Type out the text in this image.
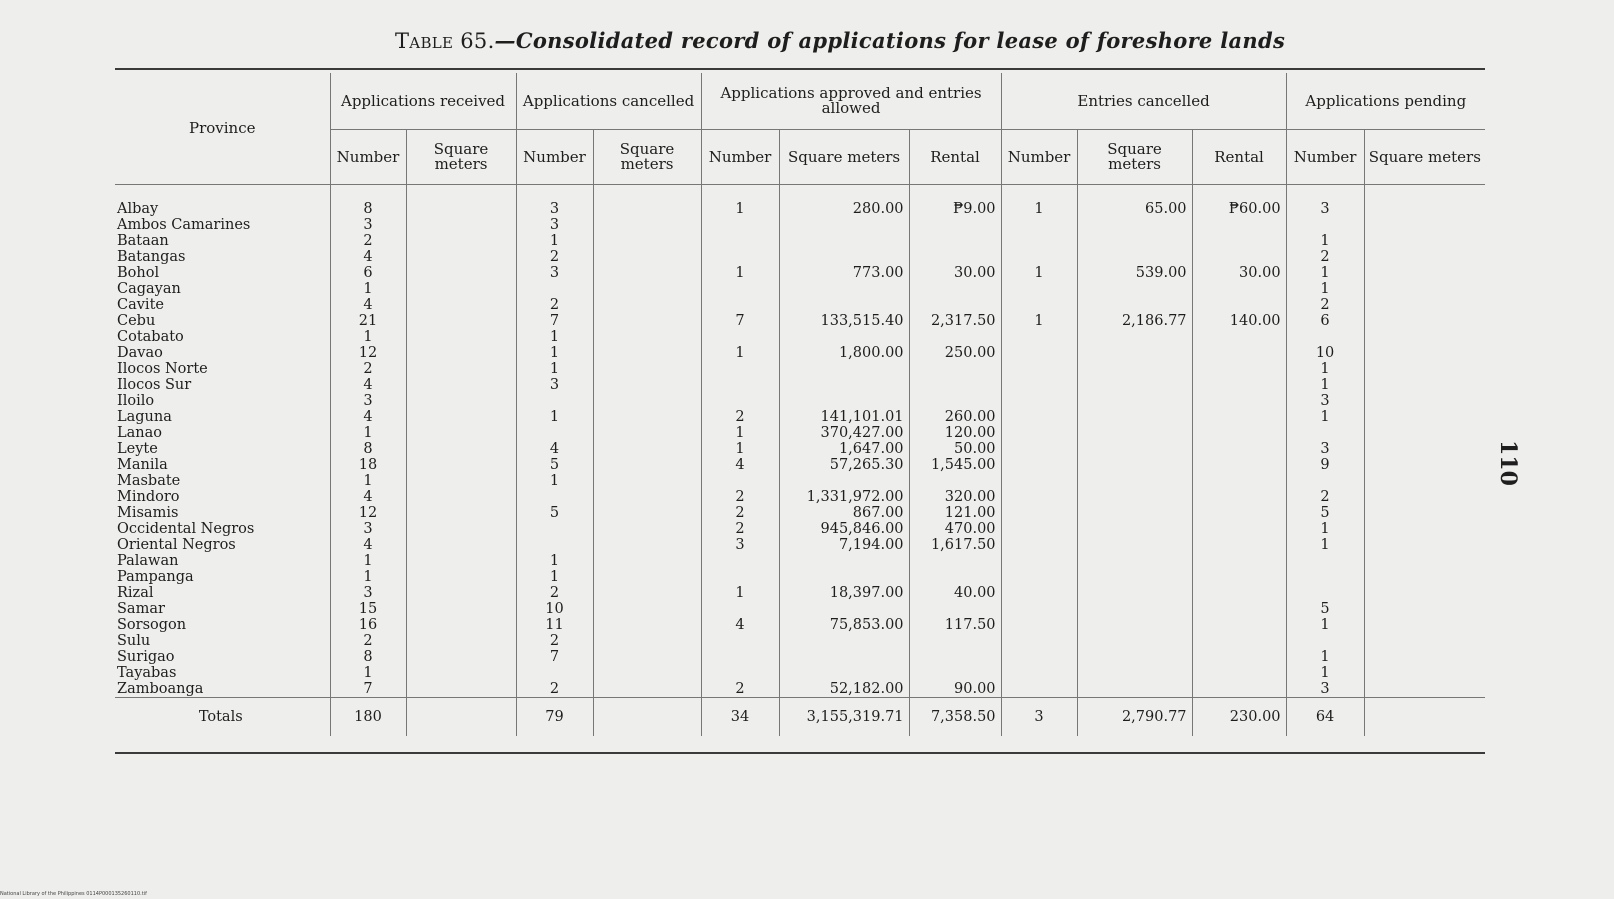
Table 65.—Consolidated record of applications for lease of foreshore lands
Province	Applications received		Applications cancelled		Applications approved and entries allowed			Entries cancelled			Applications pending	
	Number	Square meters	Number	Square meters	Number	Square meters	Rental	Number	Square meters	Rental	Number	Square meters
Albay	8		3		1	280.00	₱9.00	1	65.00	₱60.00	3	
Ambos Camarines	3		3									
Bataan	2		1								1	
Batangas	4		2								2	
Bohol	6		3		1	773.00	30.00	1	539.00	30.00	1	
Cagayan	1										1	
Cavite	4		2								2	
Cebu	21		7		7	133,515.40	2,317.50	1	2,186.77	140.00	6	
Cotabato	1		1									
Davao	12		1		1	1,800.00	250.00				10	
Ilocos Norte	2		1								1	
Ilocos Sur	4		3								1	
Iloilo	3										3	
Laguna	4		1		2	141,101.01	260.00				1	
Lanao	1				1	370,427.00	120.00					
Leyte	8		4		1	1,647.00	50.00				3	
Manila	18		5		4	57,265.30	1,545.00				9	
Masbate	1		1									
Mindoro	4				2	1,331,972.00	320.00				2	
Misamis	12		5		2	867.00	121.00				5	
Occidental Negros	3				2	945,846.00	470.00				1	
Oriental Negros	4				3	7,194.00	1,617.50				1	
Palawan	1		1									
Pampanga	1		1									
Rizal	3		2		1	18,397.00	40.00					
Samar	15		10								5	
Sorsogon	16		11		4	75,853.00	117.50				1	
Sulu	2		2									
Surigao	8		7								1	
Tayabas	1										1	
Zamboanga	7		2		2	52,182.00	90.00				3	
Totals	180		79		34	3,155,319.71	7,358.50	3	2,790.77	230.00	64	
110
National Library of the Philippines 0114P000135260110.tif
